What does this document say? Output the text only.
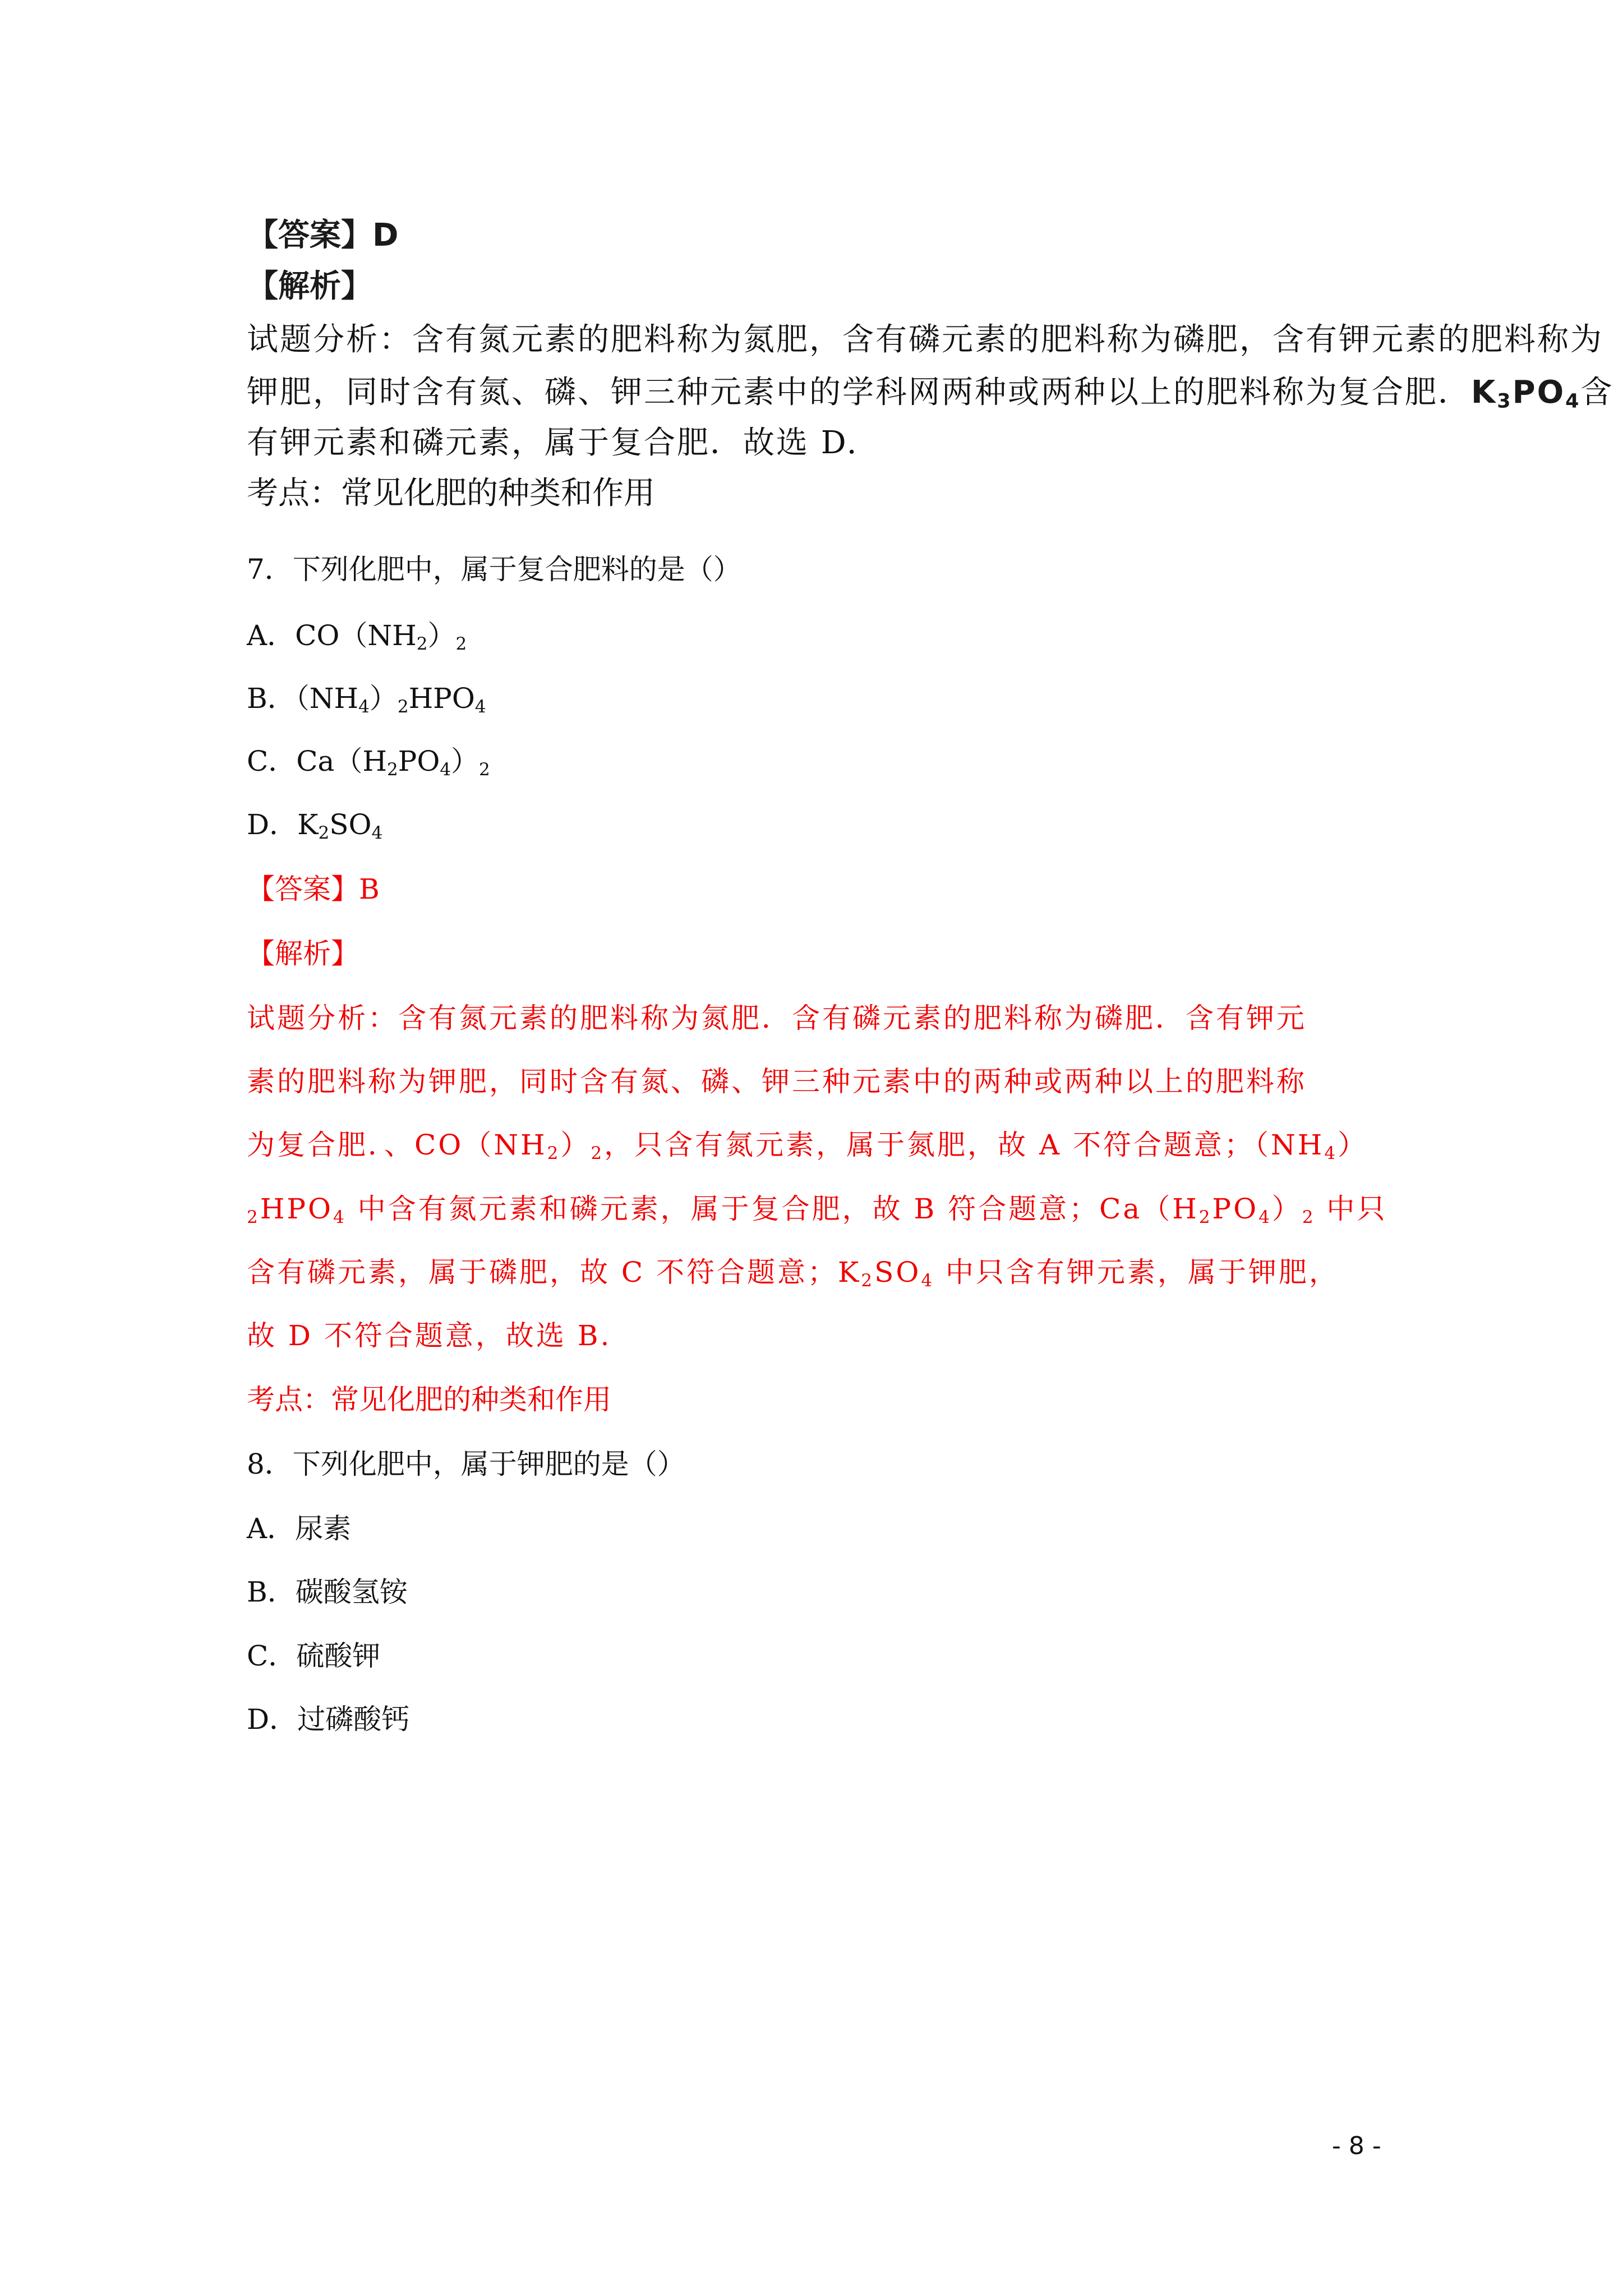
【答案】D
【解析】
试题分析：含有氮元素的肥料称为氮肥，含有磷元素的肥料称为磷肥，含有钾元素的肥料称为
钾肥，同时含有氮、磷、钾三种元素中的学科网两种或两种以上的肥料称为复合肥．$K_3PO_4$含
有钾元素和磷元素，属于复合肥．故选 D.
考点：常见化肥的种类和作用
7．下列化肥中，属于复合肥料的是（）
A．$CO(NH_2)_2$
B．$(NH_4)_2HPO_4$
C．$Ca(H_2PO_4)_2$
D．$K_2SO_4$
【答案】B
【解析】
试题分析：含有氮元素的肥料称为氮肥．含有磷元素的肥料称为磷肥．含有钾元
素的肥料称为钾肥，同时含有氮、磷、钾三种元素中的两种或两种以上的肥料称
为复合肥．、$CO(NH_2)_2$，只含有氮元素，属于氮肥，故 A 不符合题意；$(NH_4)$
$_2HPO_4$ 中含有氮元素和磷元素，属于复合肥，故 B 符合题意；$Ca(H_2PO_4)_2$ 中只
含有磷元素，属于磷肥，故 C 不符合题意；$K_2SO_4$ 中只含有钾元素，属于钾肥，
故 D 不符合题意，故选 B.
考点：常见化肥的种类和作用
8．下列化肥中，属于钾肥的是（）
A．尿素
B．碳酸氢铵
C．硫酸钾
D．过磷酸钙
- 8 -
